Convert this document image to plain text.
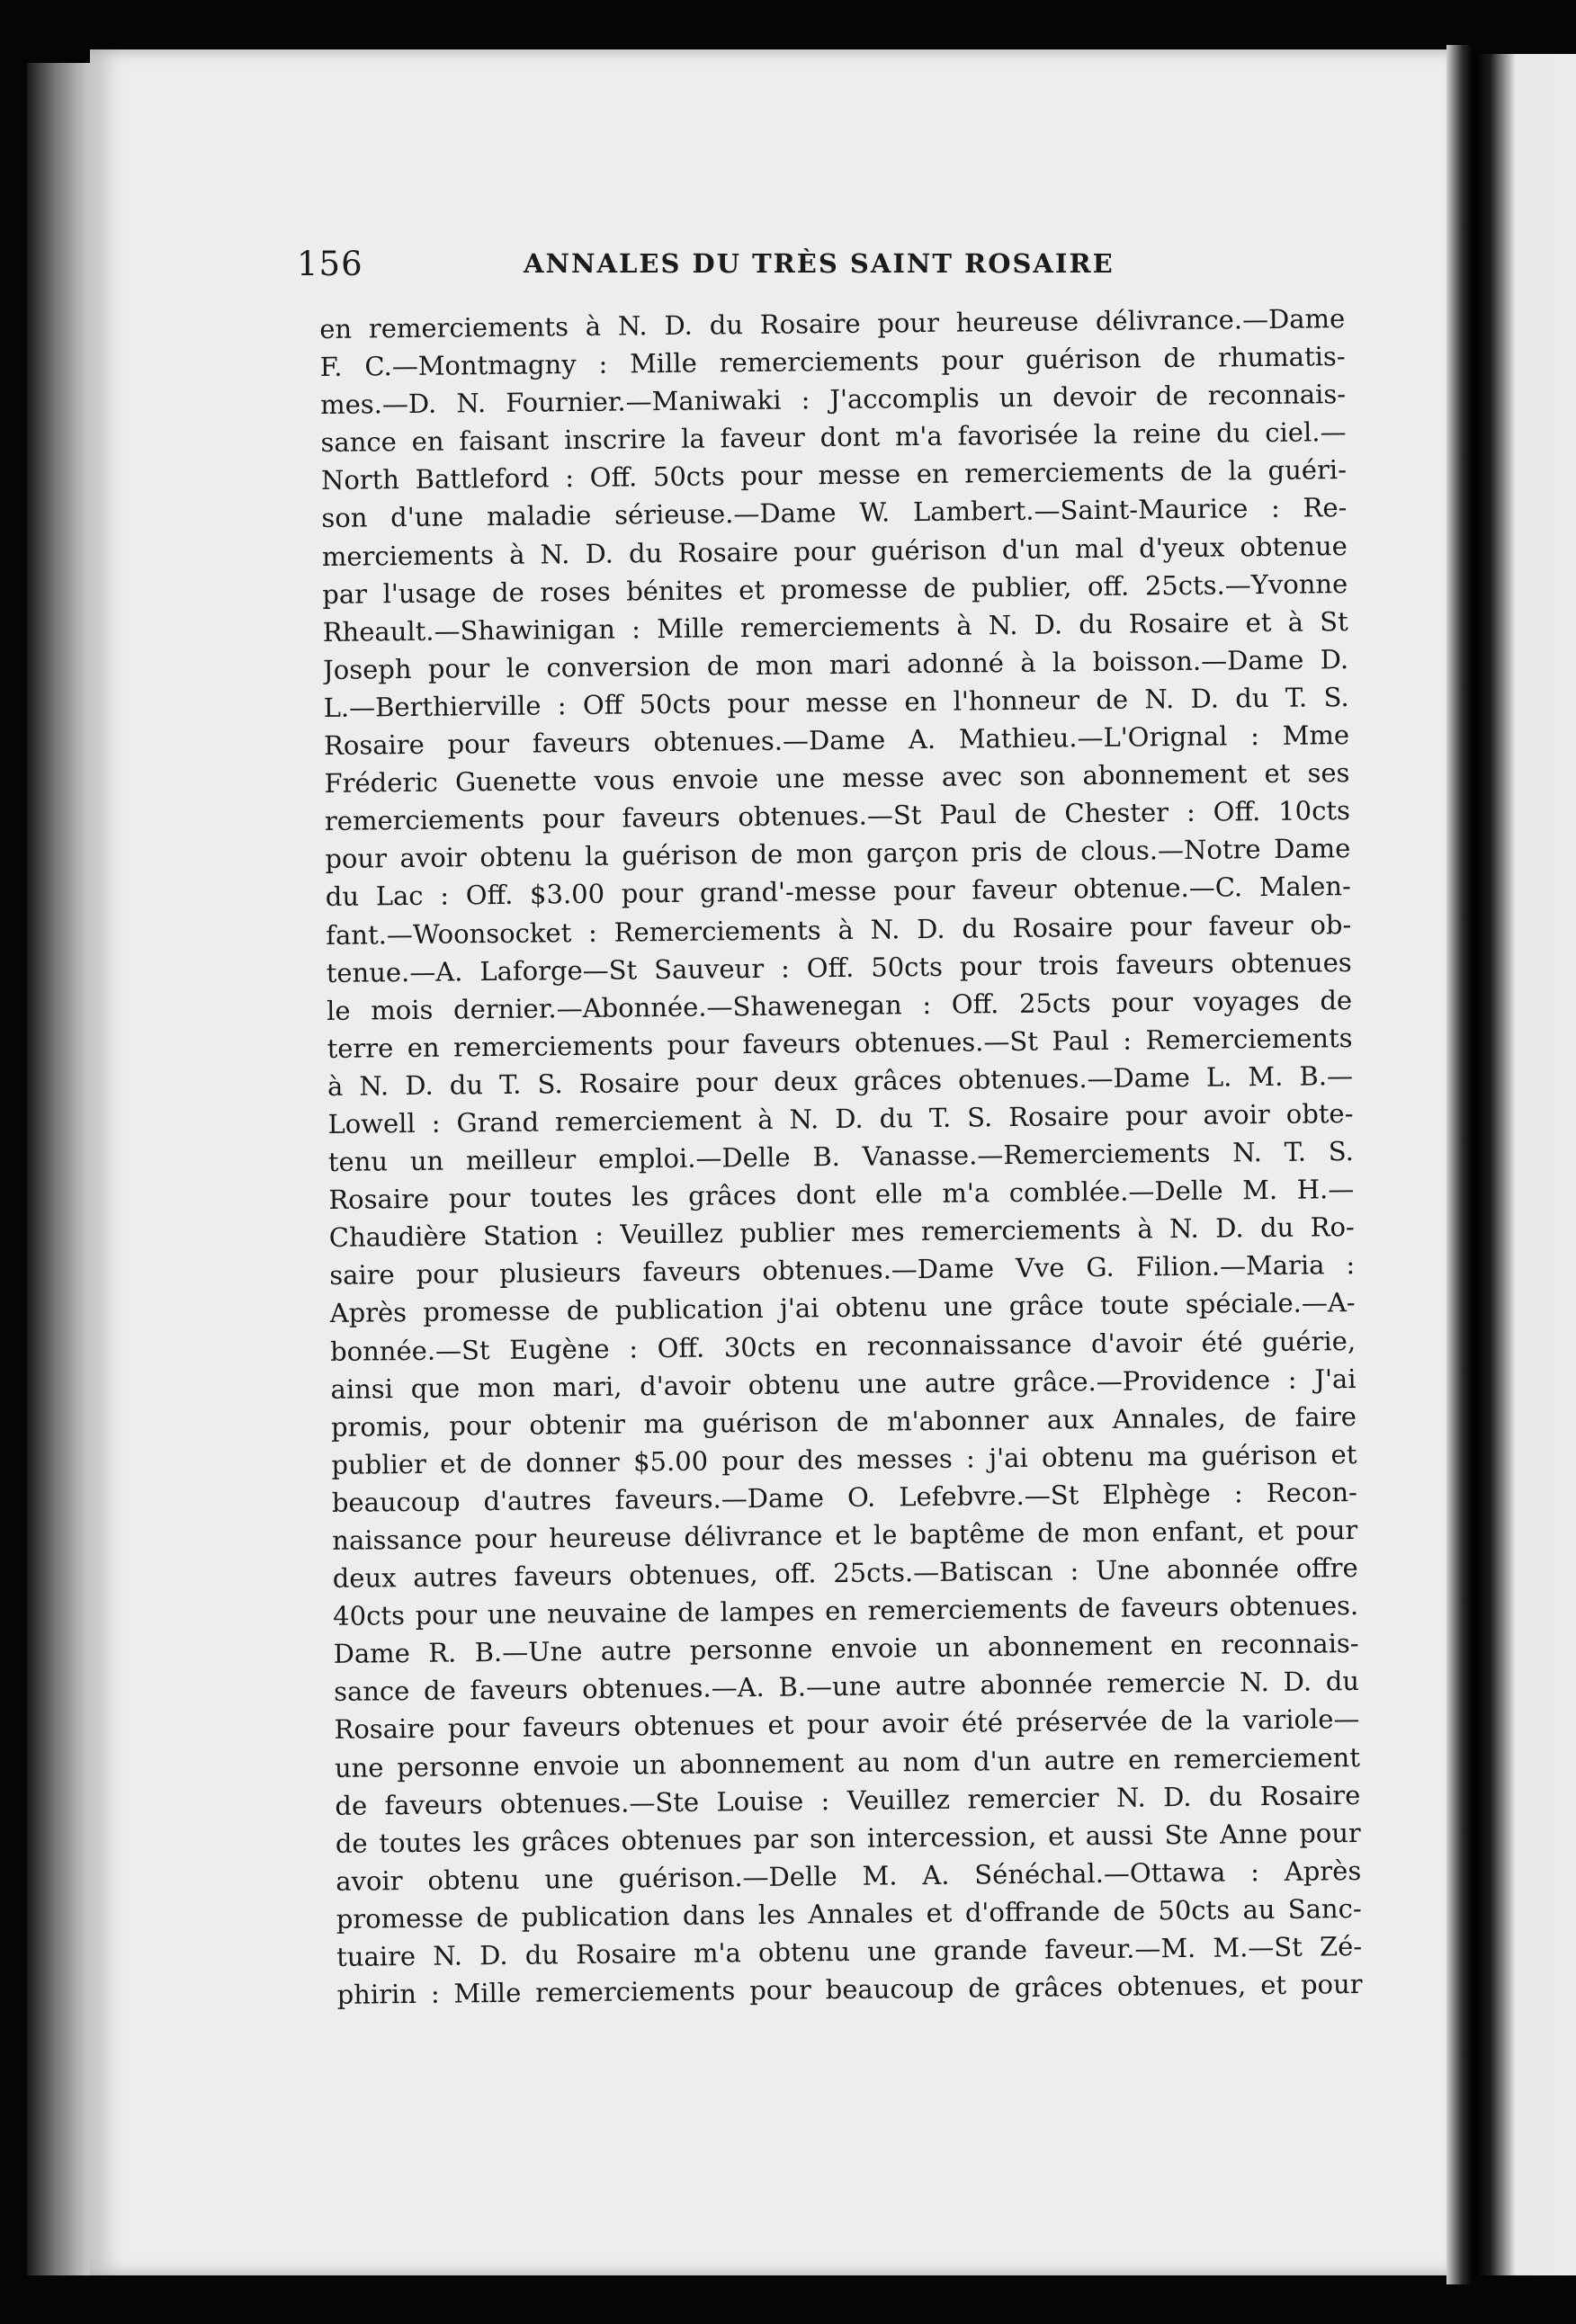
156	ANNALES DU TRÈS SAINT ROSAIRE
en remerciements à N. D. du Rosaire pour heureuse délivrance.—Dame
F. C.—Montmagny : Mille remerciements pour guérison de rhumatis-
mes.—D. N. Fournier.—Maniwaki : J'accomplis un devoir de reconnais-
sance en faisant inscrire la faveur dont m'a favorisée la reine du ciel.—
North Battleford : Off. 50cts pour messe en remerciements de la guéri-
son d'une maladie sérieuse.—Dame W. Lambert.—Saint-Maurice : Re-
merciements à N. D. du Rosaire pour guérison d'un mal d'yeux obtenue
par l'usage de roses bénites et promesse de publier, off. 25cts.—Yvonne
Rheault.—Shawinigan : Mille remerciements à N. D. du Rosaire et à St
Joseph pour le conversion de mon mari adonné à la boisson.—Dame D.
L.—Berthierville : Off 50cts pour messe en l'honneur de N. D. du T. S.
Rosaire pour faveurs obtenues.—Dame A. Mathieu.—L'Orignal : Mme
Fréderic Guenette vous envoie une messe avec son abonnement et ses
remerciements pour faveurs obtenues.—St Paul de Chester : Off. 10cts
pour avoir obtenu la guérison de mon garçon pris de clous.—Notre Dame
du Lac : Off. $3.00 pour grand'-messe pour faveur obtenue.—C. Malen-
fant.—Woonsocket : Remerciements à N. D. du Rosaire pour faveur ob-
tenue.—A. Laforge—St Sauveur : Off. 50cts pour trois faveurs obtenues
le mois dernier.—Abonnée.—Shawenegan : Off. 25cts pour voyages de
terre en remerciements pour faveurs obtenues.—St Paul : Remerciements
à N. D. du T. S. Rosaire pour deux grâces obtenues.—Dame L. M. B.—
Lowell : Grand remerciement à N. D. du T. S. Rosaire pour avoir obte-
tenu un meilleur emploi.—Delle B. Vanasse.—Remerciements N. T. S.
Rosaire pour toutes les grâces dont elle m'a comblée.—Delle M. H.—
Chaudière Station : Veuillez publier mes remerciements à N. D. du Ro-
saire pour plusieurs faveurs obtenues.—Dame Vve G. Filion.—Maria :
Après promesse de publication j'ai obtenu une grâce toute spéciale.—A-
bonnée.—St Eugène : Off. 30cts en reconnaissance d'avoir été guérie,
ainsi que mon mari, d'avoir obtenu une autre grâce.—Providence : J'ai
promis, pour obtenir ma guérison de m'abonner aux Annales, de faire
publier et de donner $5.00 pour des messes : j'ai obtenu ma guérison et
beaucoup d'autres faveurs.—Dame O. Lefebvre.—St Elphège : Recon-
naissance pour heureuse délivrance et le baptême de mon enfant, et pour
deux autres faveurs obtenues, off. 25cts.—Batiscan : Une abonnée offre
40cts pour une neuvaine de lampes en remerciements de faveurs obtenues.
Dame R. B.—Une autre personne envoie un abonnement en reconnais-
sance de faveurs obtenues.—A. B.—une autre abonnée remercie N. D. du
Rosaire pour faveurs obtenues et pour avoir été préservée de la variole—
une personne envoie un abonnement au nom d'un autre en remerciement
de faveurs obtenues.—Ste Louise : Veuillez remercier N. D. du Rosaire
de toutes les grâces obtenues par son intercession, et aussi Ste Anne pour
avoir obtenu une guérison.—Delle M. A. Sénéchal.—Ottawa : Après
promesse de publication dans les Annales et d'offrande de 50cts au Sanc-
tuaire N. D. du Rosaire m'a obtenu une grande faveur.—M. M.—St Zé-
phirin : Mille remerciements pour beaucoup de grâces obtenues, et pour
